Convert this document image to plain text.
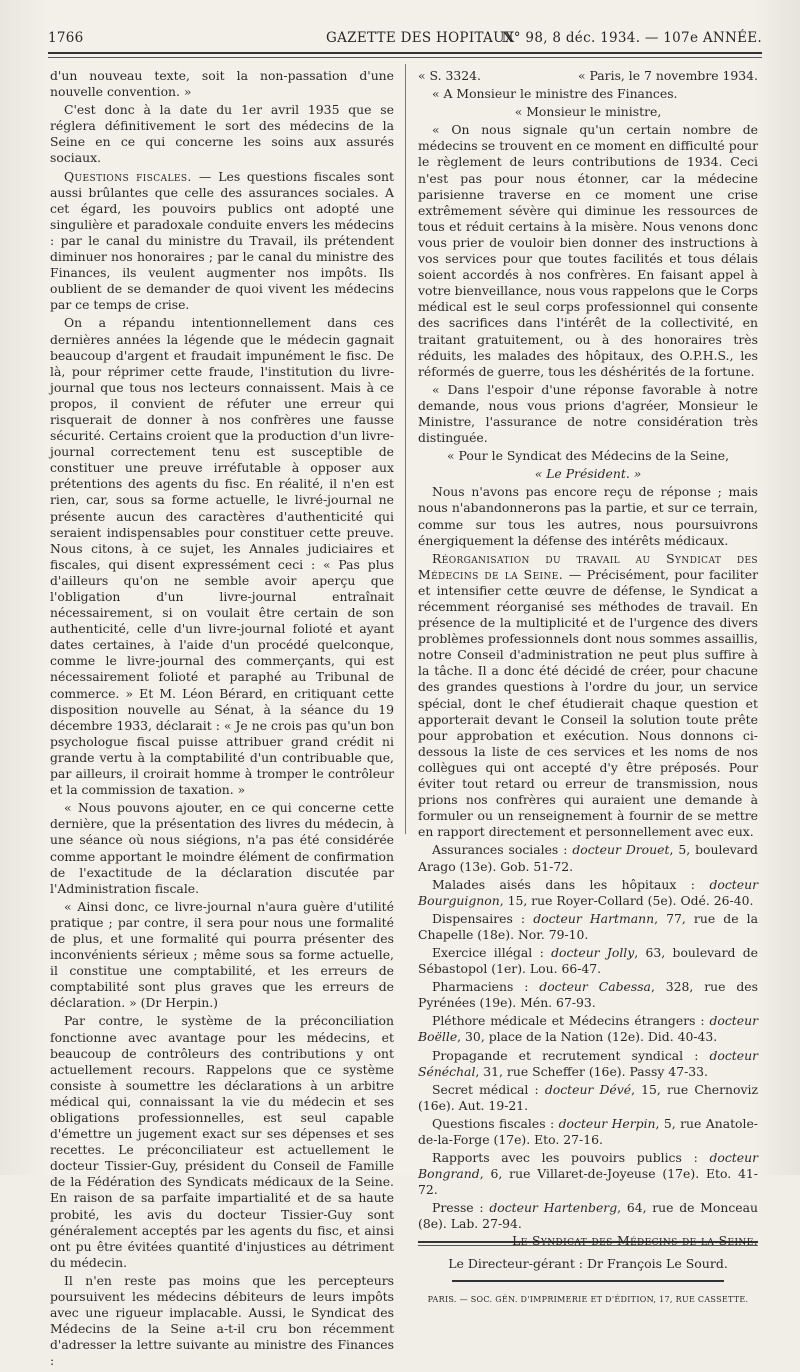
1766	GAZETTE DES HOPITAUX
N° 98, 8 déc. 1934. — 107e ANNÉE.

d'un nouveau texte, soit la non-passation d'une nouvelle convention. »

C'est donc à la date du 1er avril 1935 que se réglera définitivement le sort des médecins de la Seine en ce qui concerne les soins aux assurés sociaux.

Questions fiscales. — Les questions fiscales sont aussi brûlantes que celle des assurances sociales. A cet égard, les pouvoirs publics ont adopté une singulière et paradoxale conduite envers les médecins : par le canal du ministre du Travail, ils prétendent diminuer nos honoraires ; par le canal du ministre des Finances, ils veulent augmenter nos impôts. Ils oublient de se demander de quoi vivent les médecins par ce temps de crise.

On a répandu intentionnellement dans ces dernières années la légende que le médecin gagnait beaucoup d'argent et fraudait impunément le fisc. De là, pour réprimer cette fraude, l'institution du livre-journal que tous nos lecteurs connaissent. Mais à ce propos, il convient de réfuter une erreur qui risquerait de donner à nos confrères une fausse sécurité. Certains croient que la production d'un livre-journal correctement tenu est susceptible de constituer une preuve irréfutable à opposer aux prétentions des agents du fisc. En réalité, il n'en est rien, car, sous sa forme actuelle, le livré-journal ne présente aucun des caractères d'authenticité qui seraient indispensables pour constituer cette preuve. Nous citons, à ce sujet, les Annales judiciaires et fiscales, qui disent expressément ceci : « Pas plus d'ailleurs qu'on ne semble avoir aperçu que l'obligation d'un livre-journal entraînait nécessairement, si on voulait être certain de son authenticité, celle d'un livre-journal folioté et ayant dates certaines, à l'aide d'un procédé quelconque, comme le livre-journal des commerçants, qui est nécessairement folioté et paraphé au Tribunal de commerce. » Et M. Léon Bérard, en critiquant cette disposition nouvelle au Sénat, à la séance du 19 décembre 1933, déclarait : « Je ne crois pas qu'un bon psychologue fiscal puisse attribuer grand crédit ni grande vertu à la comptabilité d'un contribuable que, par ailleurs, il croirait homme à tromper le contrôleur et la commission de taxation. »

« Nous pouvons ajouter, en ce qui concerne cette dernière, que la présentation des livres du médecin, à une séance où nous siégions, n'a pas été considérée comme apportant le moindre élément de confirmation de l'exactitude de la déclaration discutée par l'Administration fiscale.

« Ainsi donc, ce livre-journal n'aura guère d'utilité pratique ; par contre, il sera pour nous une formalité de plus, et une formalité qui pourra présenter des inconvénients sérieux ; même sous sa forme actuelle, il constitue une comptabilité, et les erreurs de comptabilité sont plus graves que les erreurs de déclaration. » (Dr Herpin.)

Par contre, le système de la préconciliation fonctionne avec avantage pour les médecins, et beaucoup de contrôleurs des contributions y ont actuellement recours. Rappelons que ce système consiste à soumettre les déclarations à un arbitre médical qui, connaissant la vie du médecin et ses obligations professionnelles, est seul capable d'émettre un jugement exact sur ses dépenses et ses recettes. Le préconciliateur est actuellement le docteur Tissier-Guy, président du Conseil de Famille de la Fédération des Syndicats médicaux de la Seine. En raison de sa parfaite impartialité et de sa haute probité, les avis du docteur Tissier-Guy sont généralement acceptés par les agents du fisc, et ainsi ont pu être évitées quantité d'injustices au détriment du médecin.

Il n'en reste pas moins que les percepteurs poursuivent les médecins débiteurs de leurs impôts avec une rigueur implacable. Aussi, le Syndicat des Médecins de la Seine a-t-il cru bon récemment d'adresser la lettre suivante au ministre des Finances :

« S. 3324.	« Paris, le 7 novembre 1934.

« A Monsieur le ministre des Finances.

« Monsieur le ministre,

« On nous signale qu'un certain nombre de médecins se trouvent en ce moment en difficulté pour le règlement de leurs contributions de 1934. Ceci n'est pas pour nous étonner, car la médecine parisienne traverse en ce moment une crise extrêmement sévère qui diminue les ressources de tous et réduit certains à la misère. Nous venons donc vous prier de vouloir bien donner des instructions à vos services pour que toutes facilités et tous délais soient accordés à nos confrères. En faisant appel à votre bienveillance, nous vous rappelons que le Corps médical est le seul corps professionnel qui consente des sacrifices dans l'intérêt de la collectivité, en traitant gratuitement, ou à des honoraires très réduits, les malades des hôpitaux, des O.P.H.S., les réformés de guerre, tous les déshérités de la fortune.

« Dans l'espoir d'une réponse favorable à notre demande, nous vous prions d'agréer, Monsieur le Ministre, l'assurance de notre considération très distinguée.

« Pour le Syndicat des Médecins de la Seine,

« Le Président. »

Nous n'avons pas encore reçu de réponse ; mais nous n'abandonnerons pas la partie, et sur ce terrain, comme sur tous les autres, nous poursuivrons énergiquement la défense des intérêts médicaux.

Réorganisation du travail au Syndicat des Médecins de la Seine. — Précisément, pour faciliter et intensifier cette œuvre de défense, le Syndicat a récemment réorganisé ses méthodes de travail. En présence de la multiplicité et de l'urgence des divers problèmes professionnels dont nous sommes assaillis, notre Conseil d'administration ne peut plus suffire à la tâche. Il a donc été décidé de créer, pour chacune des grandes questions à l'ordre du jour, un service spécial, dont le chef étudierait chaque question et apporterait devant le Conseil la solution toute prête pour approbation et exécution. Nous donnons ci-dessous la liste de ces services et les noms de nos collègues qui ont accepté d'y être préposés. Pour éviter tout retard ou erreur de transmission, nous prions nos confrères qui auraient une demande à formuler ou un renseignement à fournir de se mettre en rapport directement et personnellement avec eux.

Assurances sociales : docteur Drouet, 5, boulevard Arago (13e). Gob. 51-72.

Malades aisés dans les hôpitaux : docteur Bourguignon, 15, rue Royer-Collard (5e). Odé. 26-40.

Dispensaires : docteur Hartmann, 77, rue de la Chapelle (18e). Nor. 79-10.

Exercice illégal : docteur Jolly, 63, boulevard de Sébastopol (1er). Lou. 66-47.

Pharmaciens : docteur Cabessa, 328, rue des Pyrénées (19e). Mén. 67-93.

Pléthore médicale et Médecins étrangers : docteur Boëlle, 30, place de la Nation (12e). Did. 40-43.

Propagande et recrutement syndical : docteur Sénéchal, 31, rue Scheffer (16e). Passy 47-33.

Secret médical : docteur Dévé, 15, rue Chernoviz (16e). Aut. 19-21.

Questions fiscales : docteur Herpin, 5, rue Anatole-de-la-Forge (17e). Eto. 27-16.

Rapports avec les pouvoirs publics : docteur Bongrand, 6, rue Villaret-de-Joyeuse (17e). Eto. 41-72.

Presse : docteur Hartenberg, 64, rue de Monceau (8e). Lab. 27-94.
Le Syndicat des Médecins de la Seine.

Le Directeur-gérant : Dr François Le Sourd.
PARIS. — SOC. GÉN. D'IMPRIMERIE ET D'ÉDITION, 17, RUE CASSETTE.
